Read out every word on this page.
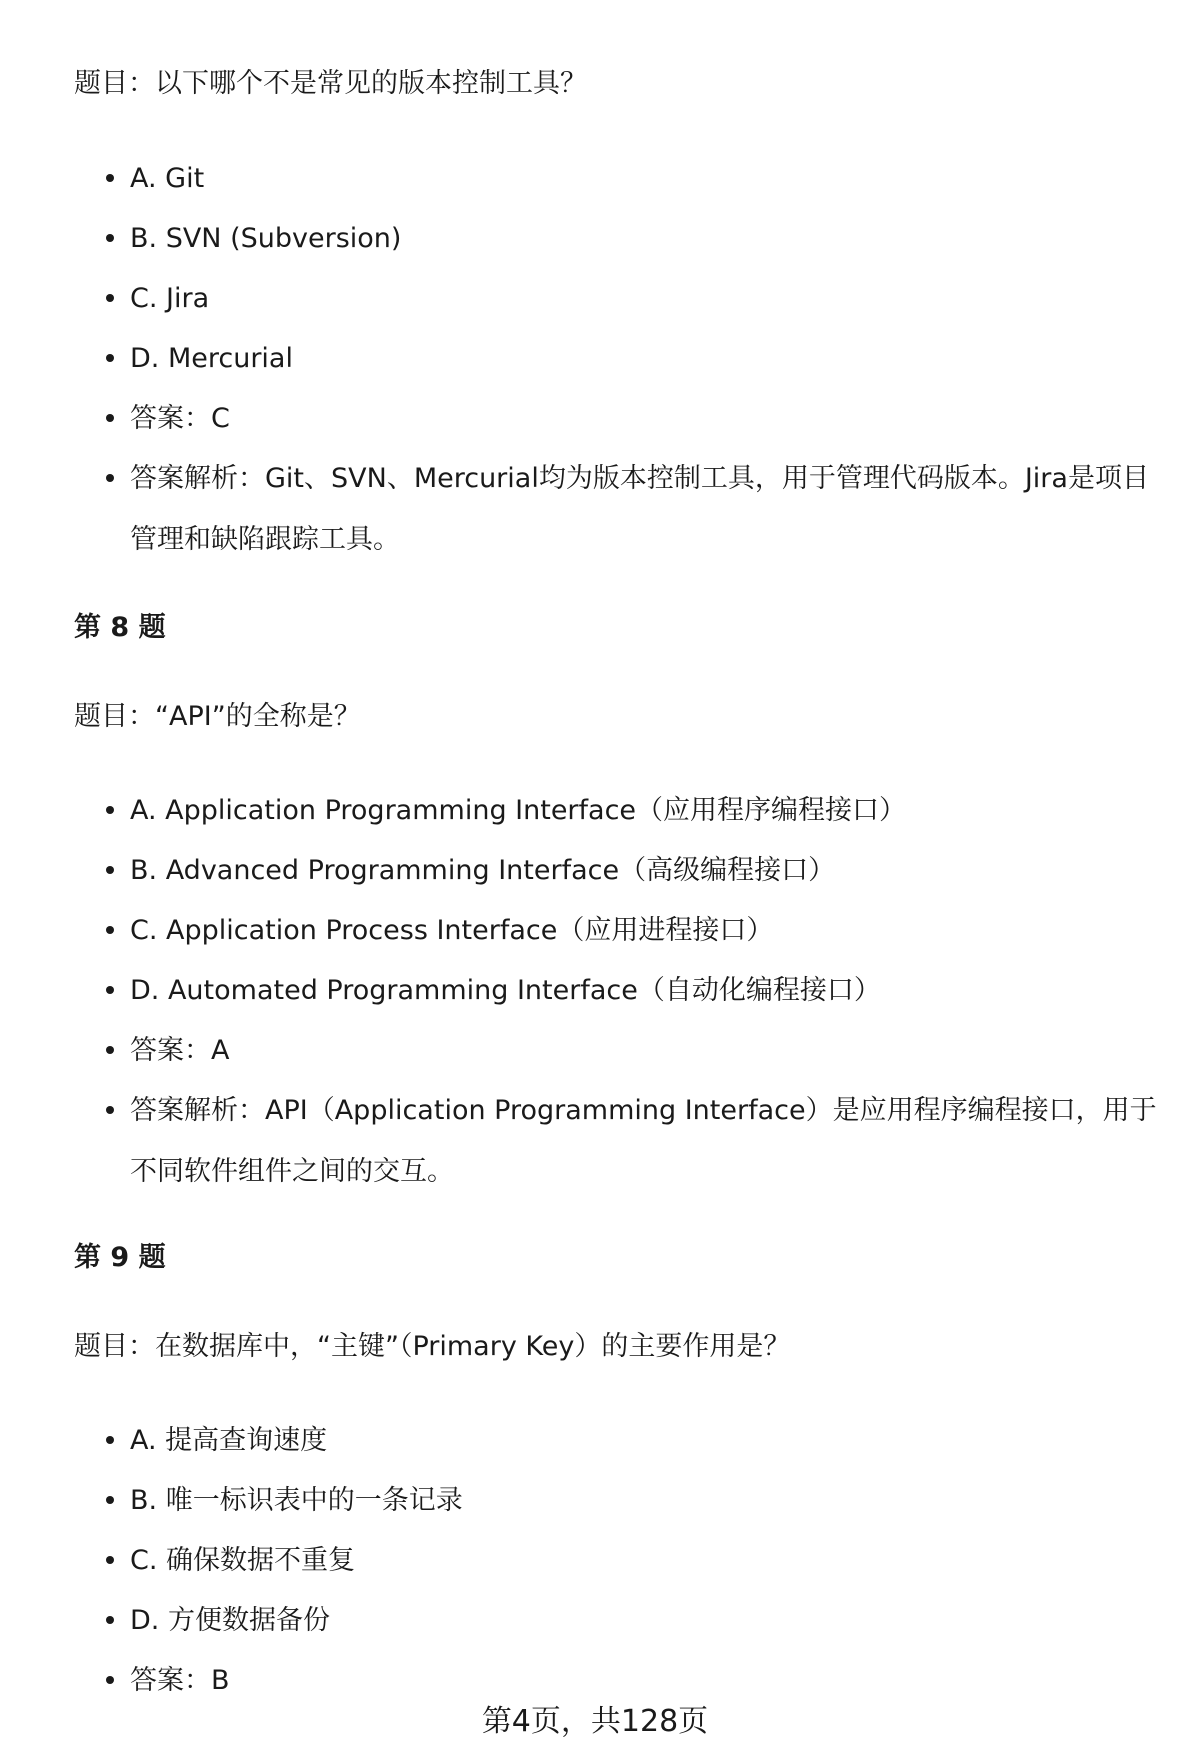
题目：以下哪个不是常见的版本控制工具？
A. Git
B. SVN (Subversion)
C. Jira
D. Mercurial
答案：C
答案解析：Git、SVN、Mercurial均为版本控制工具，用于管理代码版本。Jira是项目管理和缺陷跟踪工具。
第 8 题
题目：“API”的全称是？
A. Application Programming Interface（应用程序编程接口）
B. Advanced Programming Interface（高级编程接口）
C. Application Process Interface（应用进程接口）
D. Automated Programming Interface（自动化编程接口）
答案：A
答案解析：API（Application Programming Interface）是应用程序编程接口，用于不同软件组件之间的交互。
第 9 题
题目：在数据库中，“主键”（Primary Key）的主要作用是？
A. 提高查询速度
B. 唯一标识表中的一条记录
C. 确保数据不重复
D. 方便数据备份
答案：B
第4页，共128页
